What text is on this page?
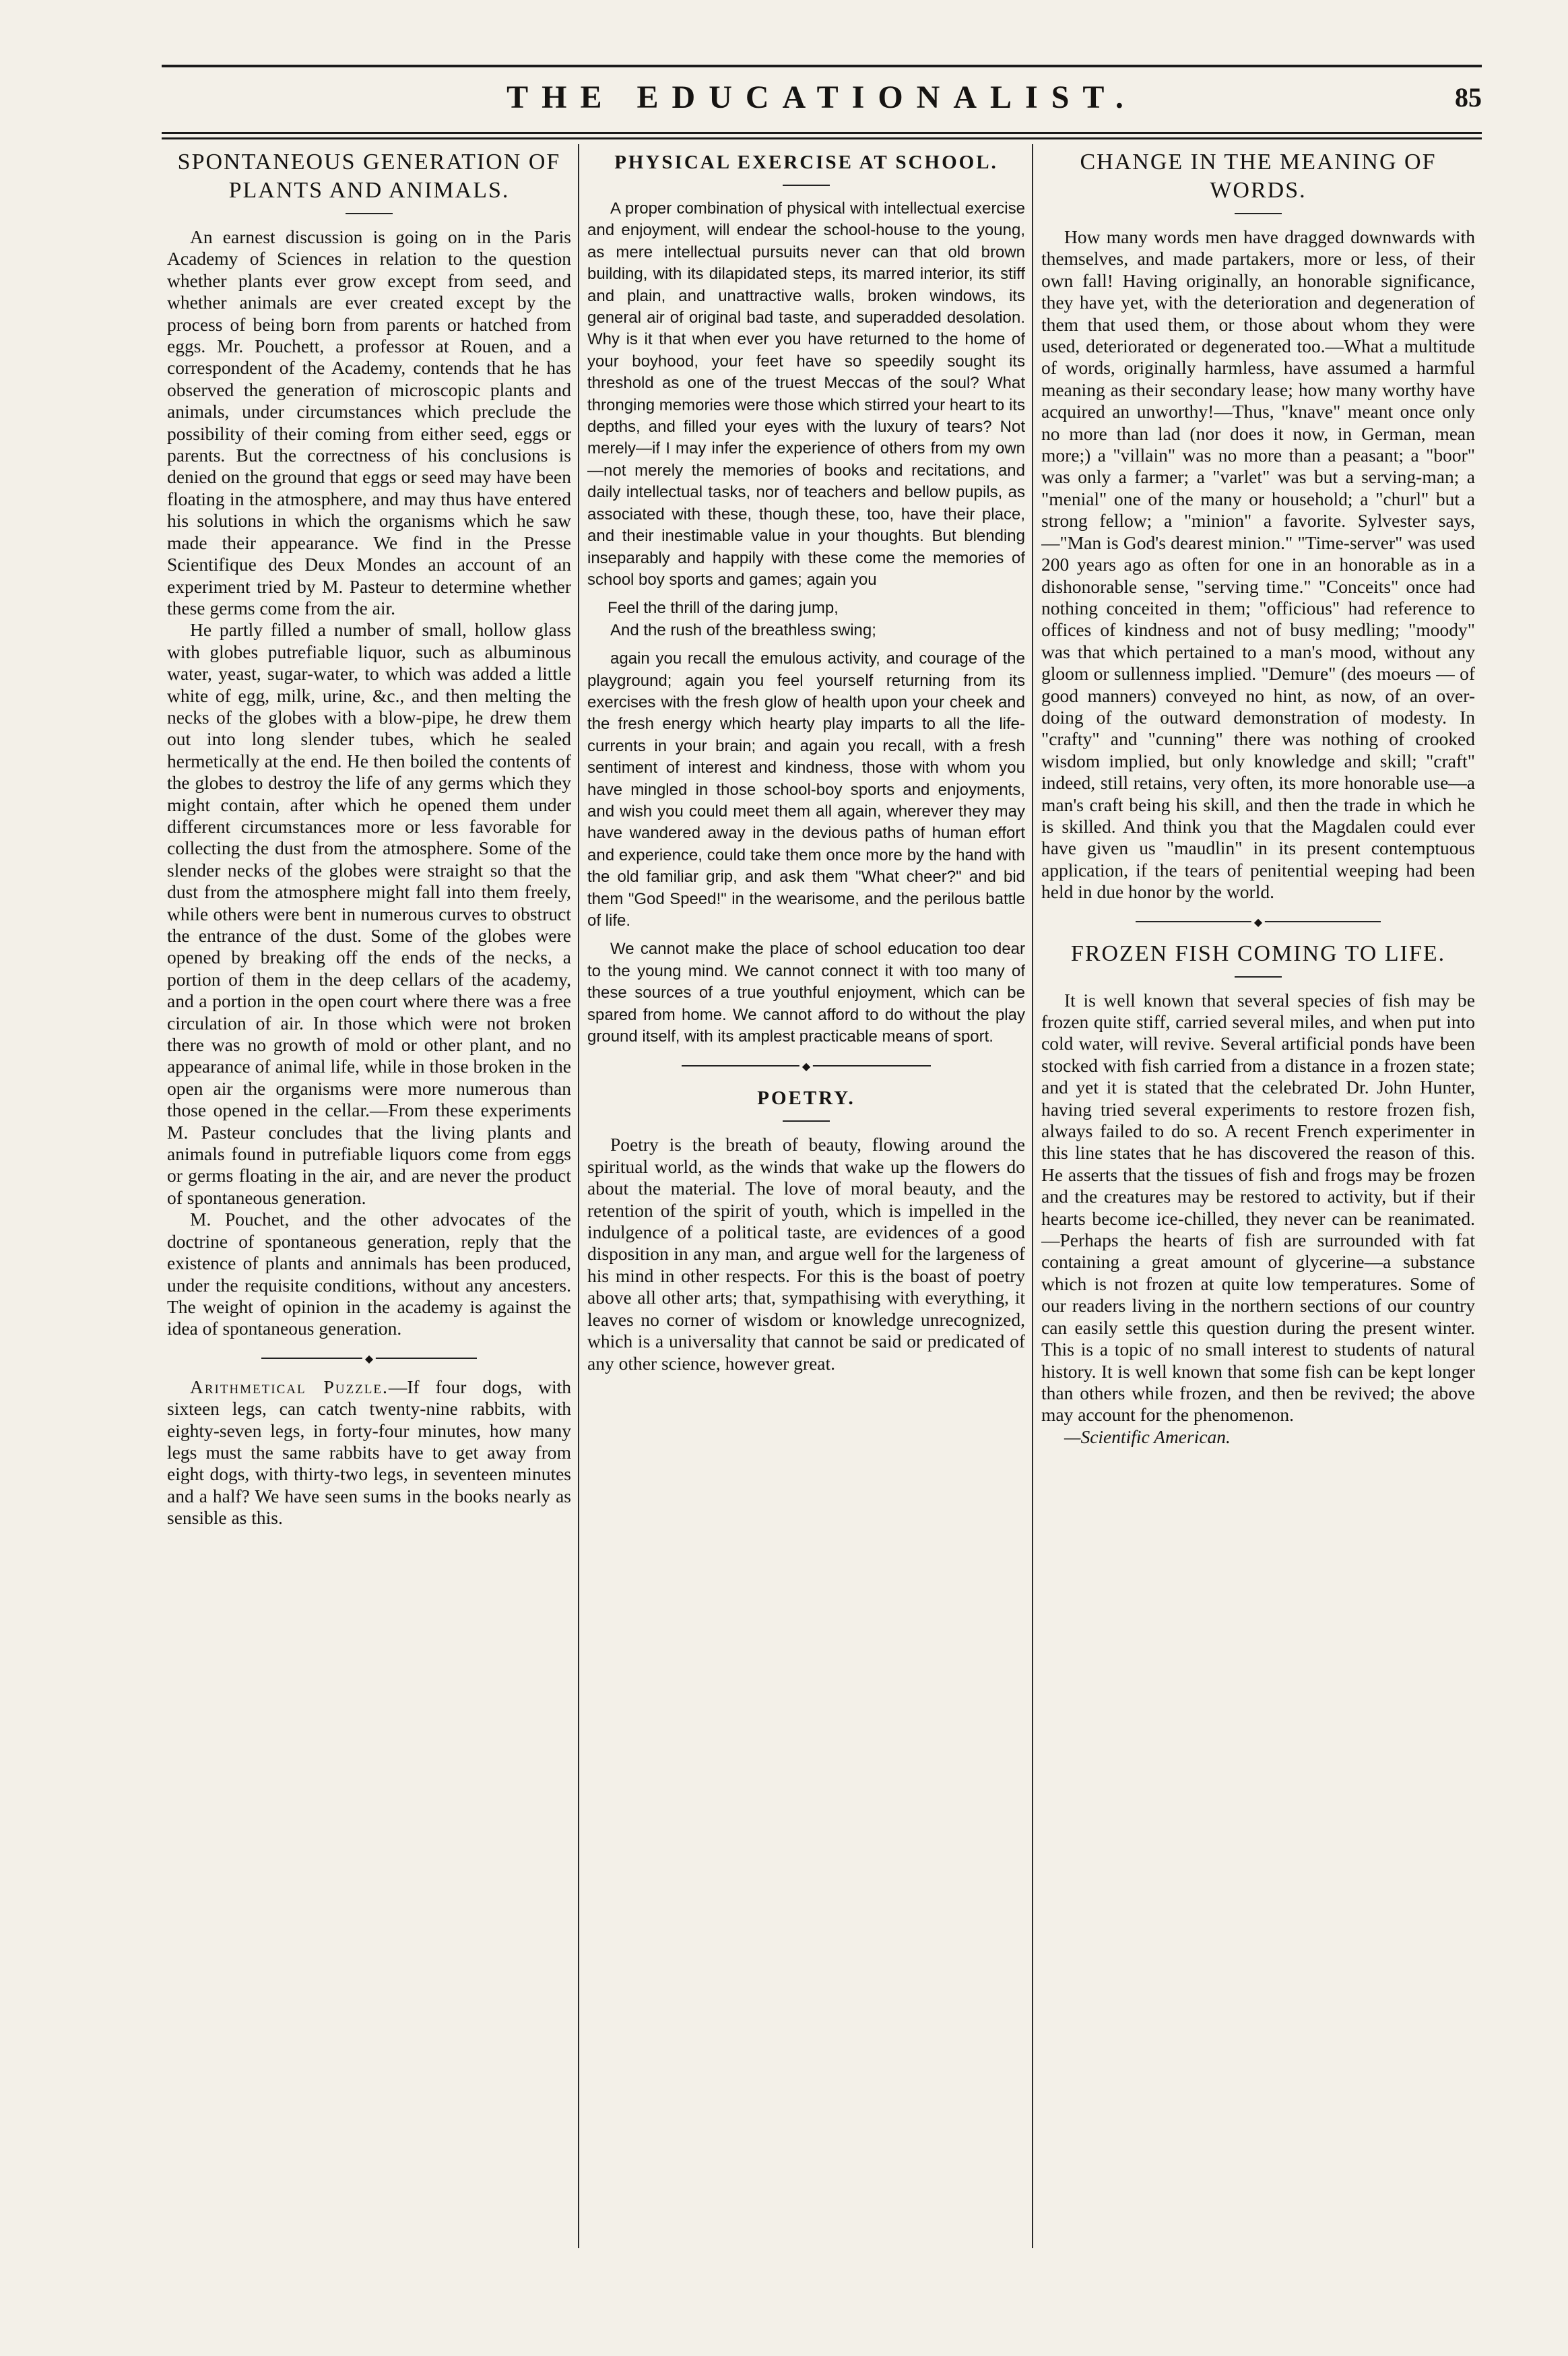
THE EDUCATIONALIST.	85
SPONTANEOUS GENERATION OF PLANTS AND ANIMALS.

An earnest discussion is going on in the Paris Academy of Sciences in relation to the question whether plants ever grow except from seed, and whether animals are ever created except by the process of being born from parents or hatched from eggs. Mr. Pouchett, a professor at Rouen, and a correspondent of the Academy, contends that he has observed the generation of microscopic plants and animals, under circumstances which preclude the possibility of their coming from either seed, eggs or parents. But the correctness of his conclusions is denied on the ground that eggs or seed may have been floating in the atmosphere, and may thus have entered his solutions in which the organisms which he saw made their appearance. We find in the Presse Scientifique des Deux Mondes an account of an experiment tried by M. Pasteur to determine whether these germs come from the air.

He partly filled a number of small, hollow glass with globes putrefiable liquor, such as albuminous water, yeast, sugar-water, to which was added a little white of egg, milk, urine, &c., and then melting the necks of the globes with a blow-pipe, he drew them out into long slender tubes, which he sealed hermetically at the end. He then boiled the contents of the globes to destroy the life of any germs which they might contain, after which he opened them under different circumstances more or less favorable for collecting the dust from the atmosphere. Some of the slender necks of the globes were straight so that the dust from the atmosphere might fall into them freely, while others were bent in numerous curves to obstruct the entrance of the dust. Some of the globes were opened by breaking off the ends of the necks, a portion of them in the deep cellars of the academy, and a portion in the open court where there was a free circulation of air. In those which were not broken there was no growth of mold or other plant, and no appearance of animal life, while in those broken in the open air the organisms were more numerous than those opened in the cellar.—From these experiments M. Pasteur concludes that the living plants and animals found in putrefiable liquors come from eggs or germs floating in the air, and are never the product of spontaneous generation.

M. Pouchet, and the other advocates of the doctrine of spontaneous generation, reply that the existence of plants and annimals has been produced, under the requisite conditions, without any ancesters. The weight of opinion in the academy is against the idea of spontaneous generation.

◆

Arithmetical Puzzle.—If four dogs, with sixteen legs, can catch twenty-nine rabbits, with eighty-seven legs, in forty-four minutes, how many legs must the same rabbits have to get away from eight dogs, with thirty-two legs, in seventeen minutes and a half? We have seen sums in the books nearly as sensible as this.

PHYSICAL EXERCISE AT SCHOOL.

A proper combination of physical with intellectual exercise and enjoyment, will endear the school-house to the young, as mere intellectual pursuits never can that old brown building, with its dilapidated steps, its marred interior, its stiff and plain, and unattractive walls, broken windows, its general air of original bad taste, and superadded desolation. Why is it that when ever you have returned to the home of your boyhood, your feet have so speedily sought its threshold as one of the truest Meccas of the soul? What thronging memories were those which stirred your heart to its depths, and filled your eyes with the luxury of tears? Not merely—if I may infer the experience of others from my own—not merely the memories of books and recitations, and daily intellectual tasks, nor of teachers and bellow pupils, as associated with these, though these, too, have their place, and their inestimable value in your thoughts. But blending inseparably and happily with these come the memories of school boy sports and games; again you

Feel the thrill of the daring jump,
And the rush of the breathless swing;

again you recall the emulous activity, and courage of the playground; again you feel yourself returning from its exercises with the fresh glow of health upon your cheek and the fresh energy which hearty play imparts to all the life-currents in your brain; and again you recall, with a fresh sentiment of interest and kindness, those with whom you have mingled in those school-boy sports and enjoyments, and wish you could meet them all again, wherever they may have wandered away in the devious paths of human effort and experience, could take them once more by the hand with the old familiar grip, and ask them "What cheer?" and bid them "God Speed!" in the wearisome, and the perilous battle of life.

We cannot make the place of school education too dear to the young mind. We cannot connect it with too many of these sources of a true youthful enjoyment, which can be spared from home. We cannot afford to do without the play ground itself, with its amplest practicable means of sport.

◆
POETRY.

Poetry is the breath of beauty, flowing around the spiritual world, as the winds that wake up the flowers do about the material. The love of moral beauty, and the retention of the spirit of youth, which is impelled in the indulgence of a political taste, are evidences of a good disposition in any man, and argue well for the largeness of his mind in other respects. For this is the boast of poetry above all other arts; that, sympathising with everything, it leaves no corner of wisdom or knowledge unrecognized, which is a universality that cannot be said or predicated of any other science, however great.

CHANGE IN THE MEANING OF WORDS.

How many words men have dragged downwards with themselves, and made partakers, more or less, of their own fall! Having originally, an honorable significance, they have yet, with the deterioration and degeneration of them that used them, or those about whom they were used, deteriorated or degenerated too.—What a multitude of words, originally harmless, have assumed a harmful meaning as their secondary lease; how many worthy have acquired an unworthy!—Thus, "knave" meant once only no more than lad (nor does it now, in German, mean more;) a "villain" was no more than a peasant; a "boor" was only a farmer; a "varlet" was but a serving-man; a "menial" one of the many or household; a "churl" but a strong fellow; a "minion" a favorite. Sylvester says,—"Man is God's dearest minion." "Time-server" was used 200 years ago as often for one in an honorable as in a dishonorable sense, "serving time." "Conceits" once had nothing conceited in them; "officious" had reference to offices of kindness and not of busy medling; "moody" was that which pertained to a man's mood, without any gloom or sullenness implied. "Demure" (des moeurs — of good manners) conveyed no hint, as now, of an over-doing of the outward demonstration of modesty. In "crafty" and "cunning" there was nothing of crooked wisdom implied, but only knowledge and skill; "craft" indeed, still retains, very often, its more honorable use—a man's craft being his skill, and then the trade in which he is skilled. And think you that the Magdalen could ever have given us "maudlin" in its present contemptuous application, if the tears of penitential weeping had been held in due honor by the world.

◆
FROZEN FISH COMING TO LIFE.

It is well known that several species of fish may be frozen quite stiff, carried several miles, and when put into cold water, will revive. Several artificial ponds have been stocked with fish carried from a distance in a frozen state; and yet it is stated that the celebrated Dr. John Hunter, having tried several experiments to restore frozen fish, always failed to do so. A recent French experimenter in this line states that he has discovered the reason of this. He asserts that the tissues of fish and frogs may be frozen and the creatures may be restored to activity, but if their hearts become ice-chilled, they never can be reanimated.—Perhaps the hearts of fish are surrounded with fat containing a great amount of glycerine—a substance which is not frozen at quite low temperatures. Some of our readers living in the northern sections of our country can easily settle this question during the present winter. This is a topic of no small interest to students of natural history. It is well known that some fish can be kept longer than others while frozen, and then be revived; the above may account for the phenomenon.

—Scientific American.
